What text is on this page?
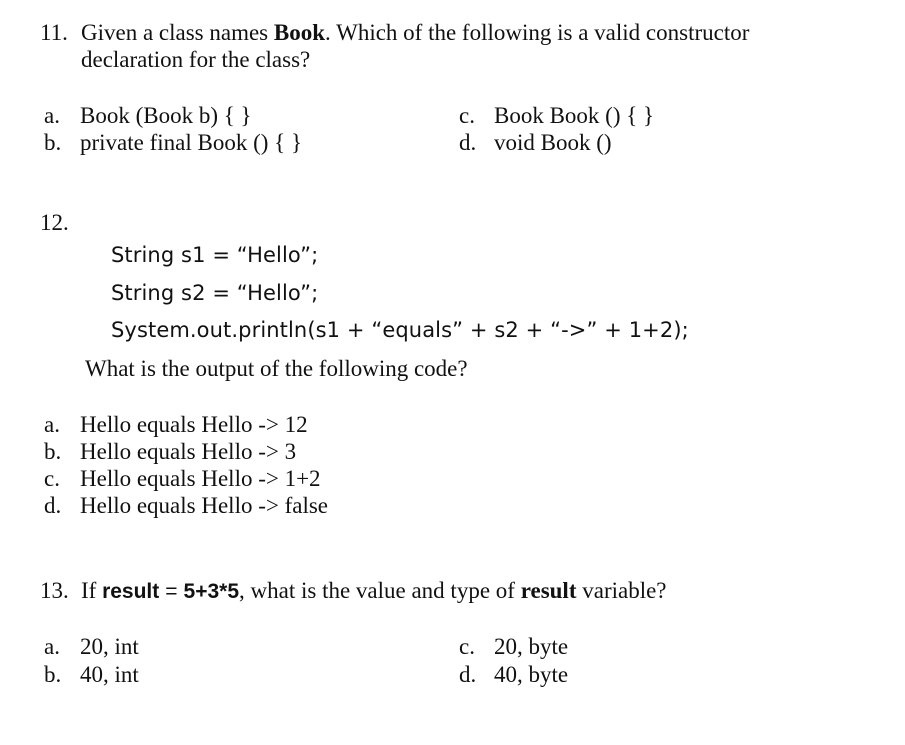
11. Given a class names Book. Which of the following is a valid constructor
declaration for the class?
a. Book (Book b) { }
b. private final Book () { }
c. Book Book () { }
d. void Book ()
12.
String s1 = “Hello”;
String s2 = “Hello”;
System.out.println(s1 + “equals” + s2 + “->” + 1+2);
What is the output of the following code?
a. Hello equals Hello -> 12
b. Hello equals Hello -> 3
c. Hello equals Hello -> 1+2
d. Hello equals Hello -> false
13. If result = 5+3*5, what is the value and type of result variable?
a. 20, int
b. 40, int
c. 20, byte
d. 40, byte
